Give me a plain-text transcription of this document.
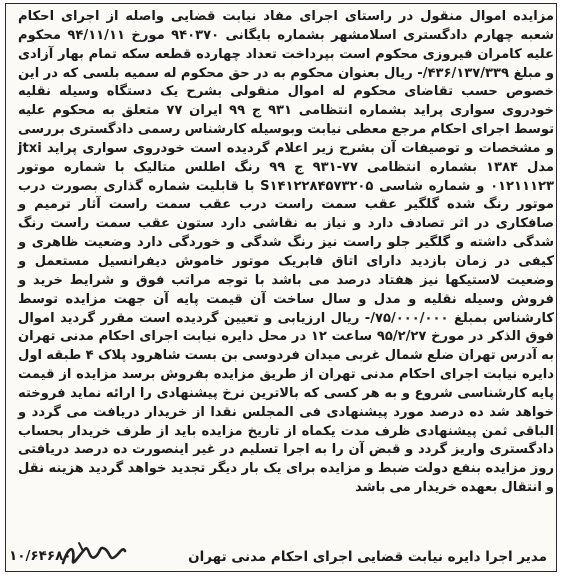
مزایده اموال منقول در راستای اجرای مفاد نیابت قضایی واصله از اجرای احکام شعبه چهارم دادگستری اسلامشهر بشماره بایگانی ۹۴۰۳۷۰ مورخ ۹۴/۱۱/۱۱ محکوم علیه کامران فیروزی محکوم است بپرداخت تعداد چهارده قطعه سکه تمام بهار آزادی و مبلغ ۴۳۶/۱۳۷/۳۳۹/- ریال بعنوان محکوم به در حق محکوم له سمیه بلسی که در این خصوص حسب تقاضای محکوم له اموال منقولی بشرح یک دستگاه وسیله نقلیه خودروی سواری پراید بشماره انتظامی ۹۳۱ ج ۹۹ ایران ۷۷ متعلق به محکوم علیه توسط اجرای احکام مرجع معطی نیابت وبوسیله کارشناس رسمی دادگستری بررسی و مشخصات و توصیفات آن بشرح زیر اعلام گردیده است خودروی سواری پراید jtxi مدل ۱۳۸۴ بشماره انتظامی ۷۷-۹۳۱ ج ۹۹ رنگ اطلس متالیک با شماره موتور ۰۱۲۱۱۱۲۳ و شماره شاسی S۱۴۱۲۲۸۴۵۷۳۲۰۵ با قابلیت شماره گذاری بصورت درب موتور رنگ شده گلگیر عقب سمت راست درب عقب سمت راست آثار ترمیم و صافکاری در اثر تصادف دارد و نیاز به نقاشی دارد ستون عقب سمت راست رنگ شدگی داشته و گلگیر جلو راست نیز رنگ شدگی و خوردگی دارد وضعیت ظاهری و کیفی در زمان بازدید دارای اتاق فابریک موتور خاموش دیفرانسیل مستعمل و وضعیت لاستیکها نیز هفتاد درصد می باشد با توجه مراتب فوق و شرایط خرید و فروش وسیله نقلیه و مدل و سال ساخت آن قیمت پایه آن جهت مزایده توسط کارشناس بمبلغ ۷۵/۰۰۰/۰۰۰/- ریال ارزیابی و تعیین گردیده است مقرر گردید اموال فوق الذکر در مورخ ۹۵/۲/۲۷ ساعت ۱۲ در محل دایره نیابت اجرای احکام مدنی تهران به آدرس تهران ضلع شمال غربی میدان فردوسی بن بست شاهرود پلاک ۴ طبقه اول دایره نیابت اجرای احکام مدنی تهران از طریق مزایده بفروش برسد مزایده از قیمت پایه کارشناسی شروع و به هر کسی که بالاترین نرخ پیشنهادی را ارائه نماید فروخته خواهد شد ده درصد مورد پیشنهادی فی المجلس نقدا از خریدار دریافت می گردد و الباقی ثمن پیشنهادی ظرف مدت یکماه از تاریخ مزایده باید از طرف خریدار بحساب دادگستری واریز گردد و قبض آن را به اجرا تسلیم در غیر اینصورت ده درصد دریافتی روز مزایده بنفع دولت ضبط و مزایده برای یک بار دیگر تجدید خواهد گردید هزینه نقل و انتقال بعهده خریدار می باشد
۱۰/۶۴۶۸۰	مدیر اجرا دایره نیابت قضایی اجرای احکام مدنی تهران
